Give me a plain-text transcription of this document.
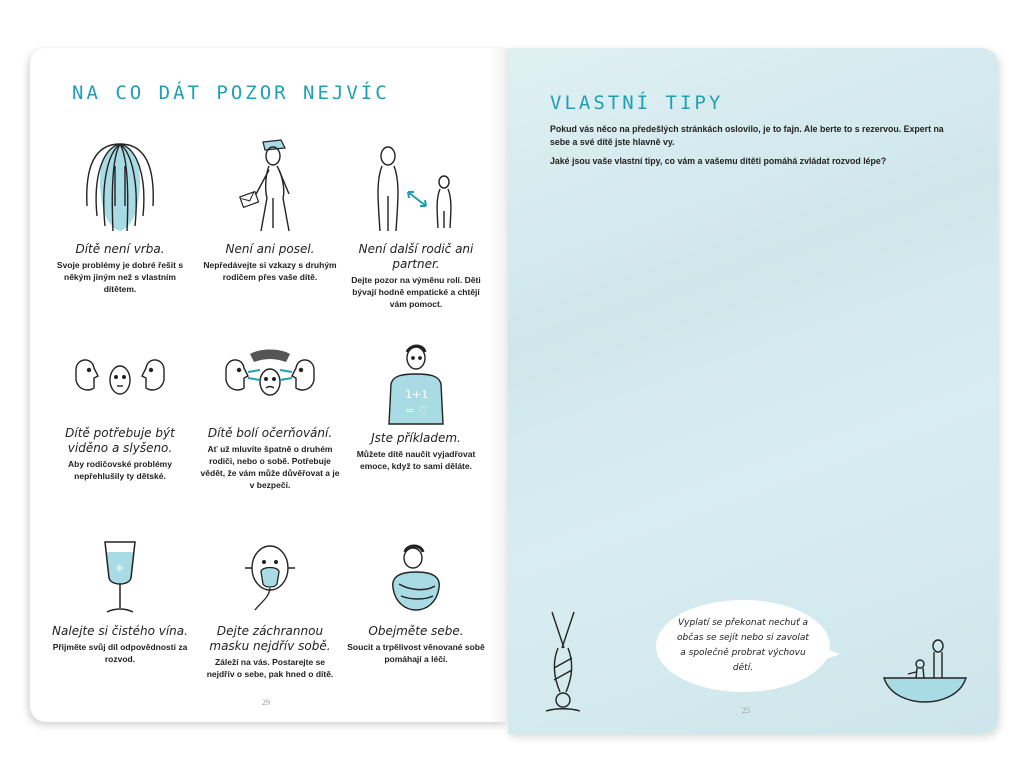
NA CO DÁT POZOR NEJVÍC
Dítě není vrba.
Svoje problémy je dobré řešit s někým jiným než s vlastním dítětem.
Není ani posel.
Nepředávejte si vzkazy s druhým rodičem přes vaše dítě.
Není další rodič ani partner.
Dejte pozor na výměnu rolí. Děti bývají hodně empatické a chtějí vám pomoct.
Dítě potřebuje být viděno a slyšeno.
Aby rodičovské problémy nepřehlušily ty dětské.
Dítě bolí očerňování.
Ať už mluvíte špatně o druhém rodiči, nebo o sobě. Potřebuje vědět, že vám může důvěřovat a je v bezpečí.
1+1
= ♡
Jste příkladem.
Můžete dítě naučit vyjadřovat emoce, když to sami děláte.
✳
Nalejte si čistého vína.
Přijměte svůj díl odpovědnosti za rozvod.
Dejte záchrannou masku nejdřív sobě.
Záleží na vás. Postarejte se nejdřív o sebe, pak hned o dítě.
Obejměte sebe.
Soucit a trpělivost věnované sobě pomáhají a léčí.
29
VLASTNÍ TIPY

Pokud vás něco na předešlých stránkách oslovilo, je to fajn. Ale berte to s rezervou. Expert na sebe a své dítě jste hlavně vy.

Jaké jsou vaše vlastní tipy, co vám a vašemu dítěti pomáhá zvládat rozvod lépe?

Vyplatí se překonat nechuť a občas se sejít nebo si zavolat a společně probrat výchovu dětí.
25
